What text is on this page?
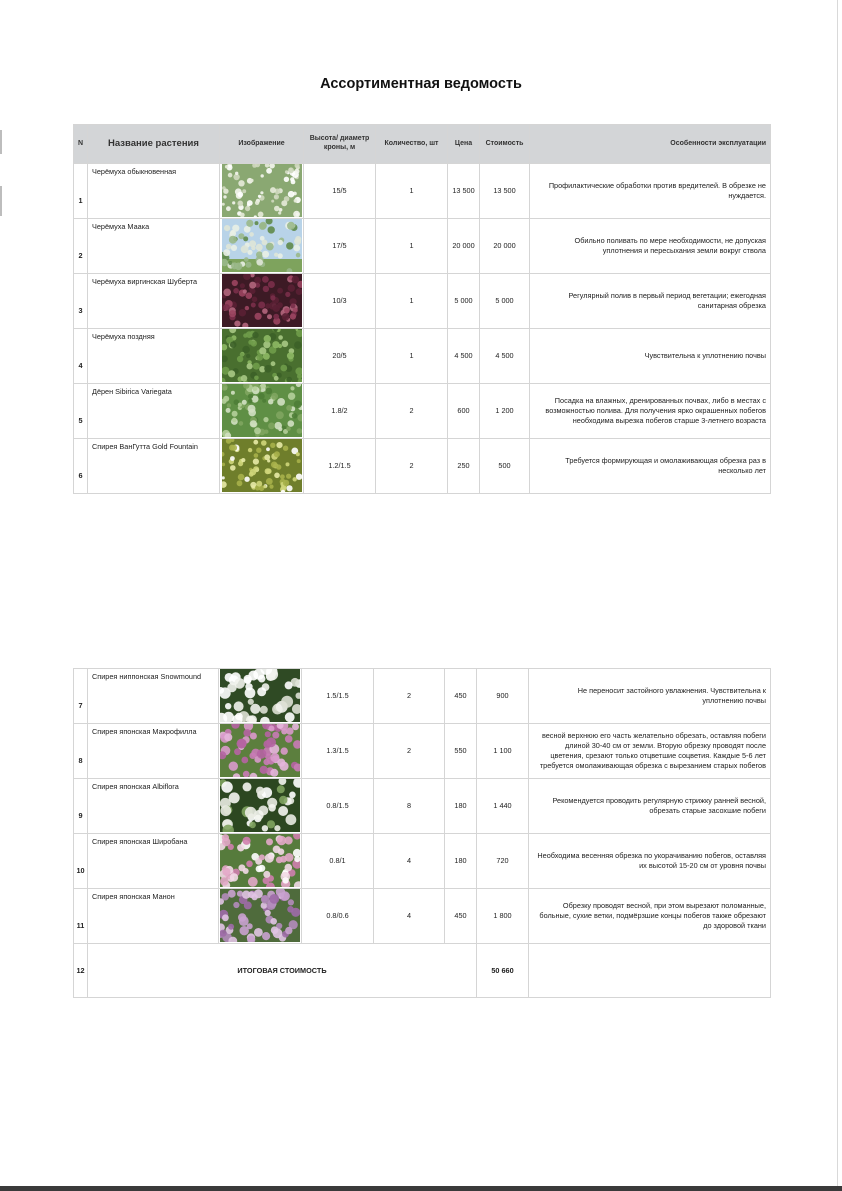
Ассортиментная ведомость
N	Название растения	Изображение	Высота/ диаметр кроны, м	Количество, шт	Цена	Стоимость	Особенности эксплуатации
1	Черёмуха обыкновенная		15/5	1	13 500	13 500	Профилактические обработки против вредителей. В обрезке не нуждается.
2	Черёмуха Маака		17/5	1	20 000	20 000	Обильно поливать по мере необходимости, не допуская уплотнения и пересыхания земли вокруг ствола
3	Черёмуха виргинская Шуберта		10/3	1	5 000	5 000	Регулярный полив в первый период вегетации; ежегодная санитарная обрезка
4	Черёмуха поздняя		20/5	1	4 500	4 500	Чувствительна к уплотнению почвы
5	Дёрен Sibirica Variegata		1.8/2	2	600	1 200	Посадка на влажных, дренированных почвах, либо в местах с возможностью полива. Для получения ярко окрашенных побегов необходима вырезка побегов старше 3-летнего возраста
6	Спирея ВанГутта Gold Fountain		1.2/1.5	2	250	500	Требуется формирующая и омолаживающая обрезка раз в несколько лет
7	Спирея ниппонская Snowmound		1.5/1.5	2	450	900	Не переносит застойного увлажнения. Чувствительна к уплотнению почвы
8	Спирея японская Макрофилла		1.3/1.5	2	550	1 100	весной верхнюю его часть желательно обрезать, оставляя побеги длиной 30-40 см от земли. Вторую обрезку проводят после цветения, срезают только отцветшие соцветия. Каждые 5-6 лет требуется омолаживающая обрезка с вырезанием старых побегов
9	Спирея японская Albiflora		0.8/1.5	8	180	1 440	Рекомендуется проводить регулярную стрижку ранней весной, обрезать старые засохшие побеги
10	Спирея японская Широбана		0.8/1	4	180	720	Необходима весенняя обрезка по укорачиванию побегов, оставляя их высотой 15-20 см от уровня почвы
11	Спирея японская Манон		0.8/0.6	4	450	1 800	Обрезку проводят весной, при этом вырезают поломанные, больные, сухие ветки, подмёрзшие концы побегов также обрезают до здоровой ткани
12	ИТОГОВАЯ СТОИМОСТЬ					50 660	
